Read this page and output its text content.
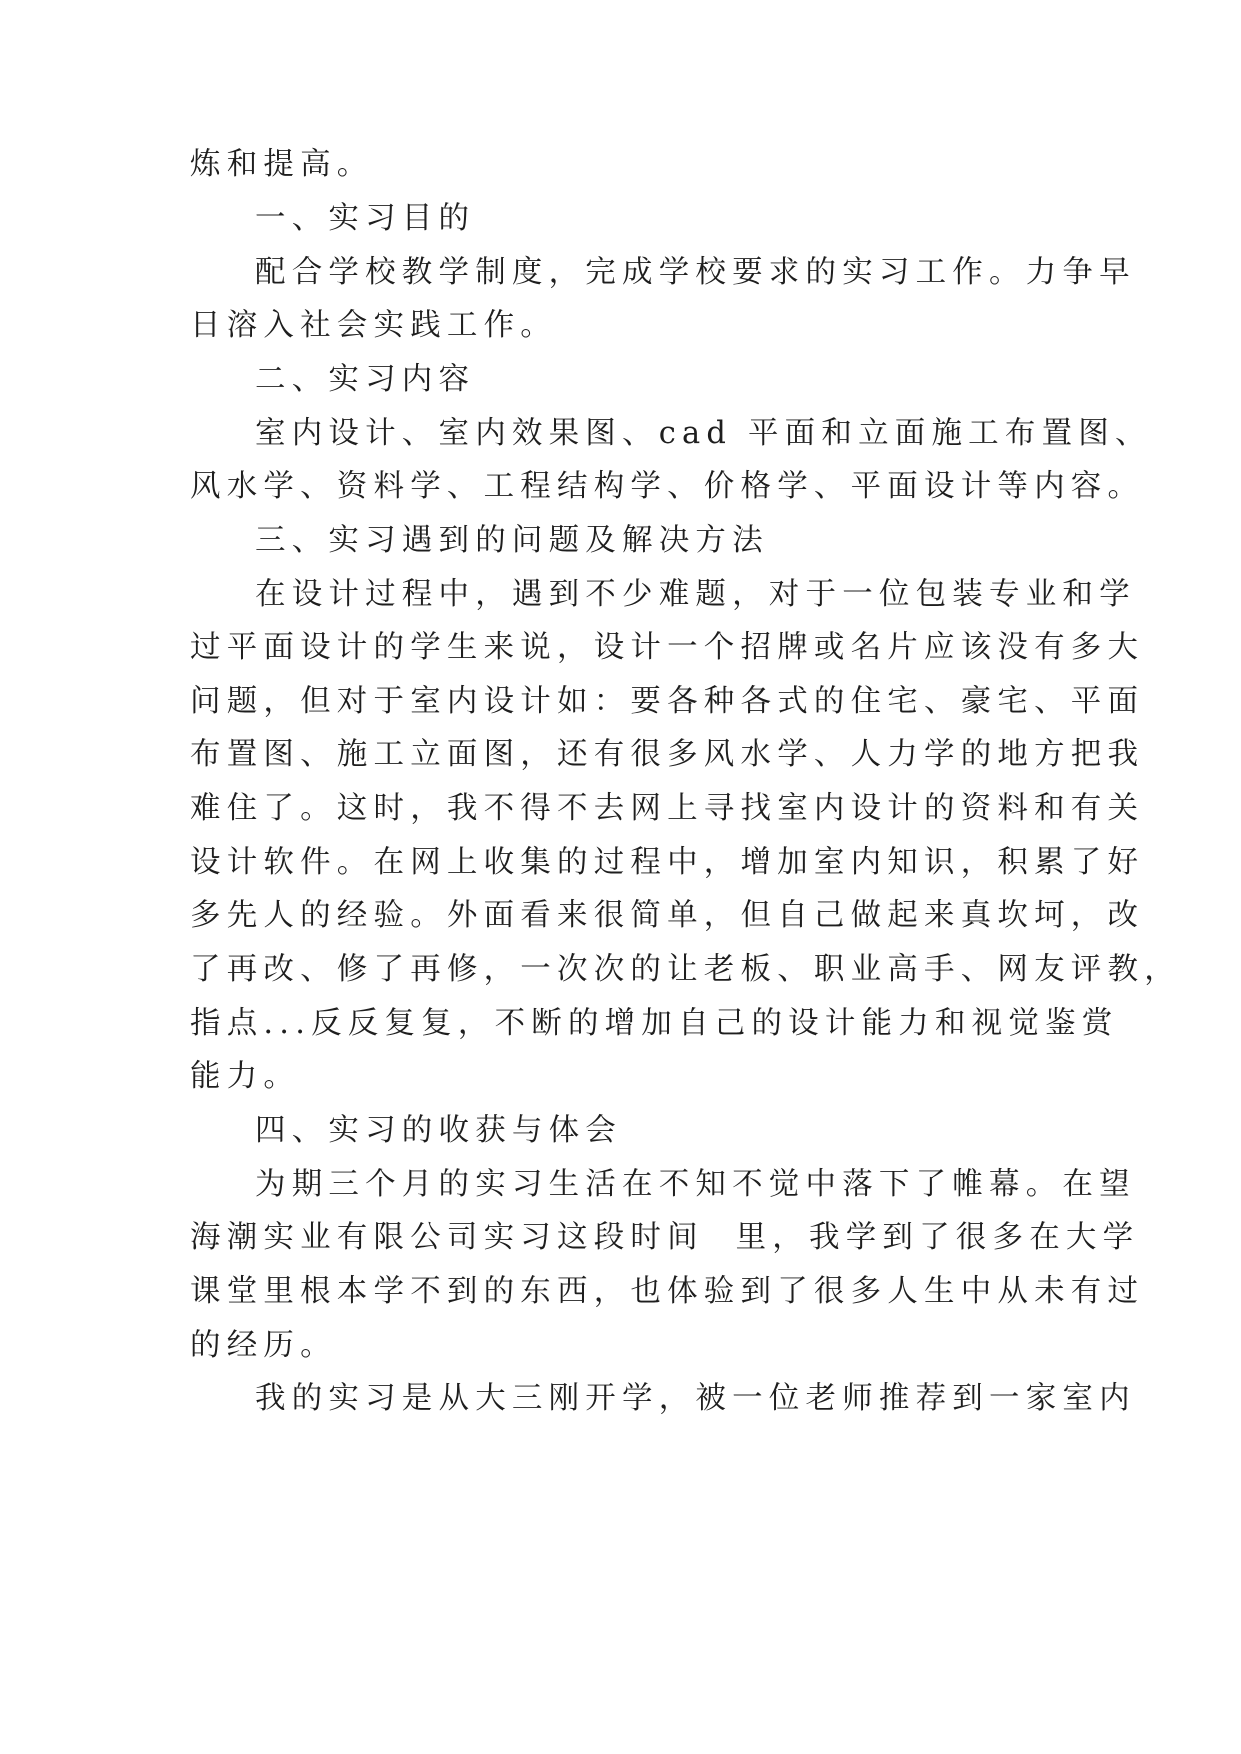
炼和提高。
一、实习目的
配合学校教学制度，完成学校要求的实习工作。力争早
日溶入社会实践工作。
二、实习内容
室内设计、室内效果图、cad 平面和立面施工布置图、
风水学、资料学、工程结构学、价格学、平面设计等内容。
三、实习遇到的问题及解决方法
在设计过程中，遇到不少难题，对于一位包装专业和学
过平面设计的学生来说，设计一个招牌或名片应该没有多大
问题，但对于室内设计如：要各种各式的住宅、豪宅、平面
布置图、施工立面图，还有很多风水学、人力学的地方把我
难住了。这时，我不得不去网上寻找室内设计的资料和有关
设计软件。在网上收集的过程中，增加室内知识，积累了好
多先人的经验。外面看来很简单，但自己做起来真坎坷，改
了再改、修了再修，一次次的让老板、职业高手、网友评教，
指点...反反复复，不断的增加自己的设计能力和视觉鉴赏
能力。
四、实习的收获与体会
为期三个月的实习生活在不知不觉中落下了帷幕。在望
海潮实业有限公司实习这段时间  里，我学到了很多在大学
课堂里根本学不到的东西，也体验到了很多人生中从未有过
的经历。
我的实习是从大三刚开学，被一位老师推荐到一家室内
